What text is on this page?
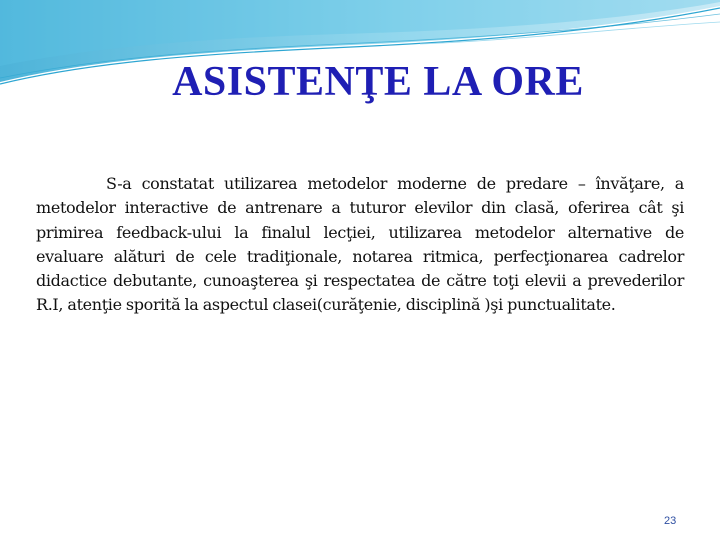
ASISTENŢE LA ORE

S-a constatat utilizarea metodelor moderne de predare – învăţare, a metodelor interactive de antrenare a tuturor elevilor din clasă, oferirea cât şi primirea feedback-ului la finalul lecţiei, utilizarea metodelor alternative de evaluare alături de cele tradiţionale, notarea ritmica, perfecţionarea cadrelor didactice debutante, cunoaşterea şi respectatea de către toţi elevii a prevederilor R.I, atenţie sporită la aspectul clasei(curăţenie, disciplină )şi punctualitate.

23
